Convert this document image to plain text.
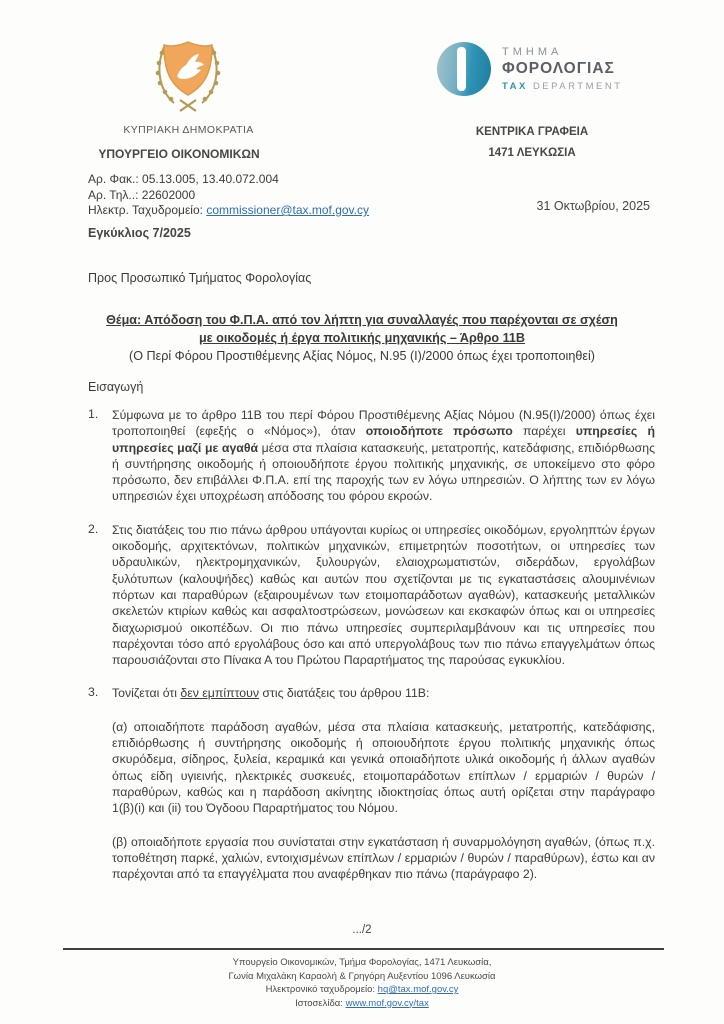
ΚΥΠΡΙΑΚΗ ΔΗΜΟΚΡΑΤΙΑ
ΥΠΟΥΡΓΕΙΟ ΟΙΚΟΝΟΜΙΚΩΝ
Αρ. Φακ.: 05.13.005, 13.40.072.004
Αρ. Τηλ..: 22602000
Ηλεκτρ. Ταχυδρομείο: commissioner@tax.mof.gov.cy
ΤΜΗΜΑ
ΦΟΡΟΛΟΓΙΑΣ
TAX DEPARTMENT
ΚΕΝΤΡΙΚΑ ΓΡΑΦΕΙΑ
1471 ΛΕΥΚΩΣΙΑ
31 Οκτωβρίου, 2025
Εγκύκλιος 7/2025
Προς Προσωπικό Τμήματος Φορολογίας
Θέμα: Απόδοση του Φ.Π.Α. από τον λήπτη για συναλλαγές που παρέχονται σε σχέση
με οικοδομές ή έργα πολιτικής μηχανικής – Άρθρο 11Β
(Ο Περί Φόρου Προστιθέμενης Αξίας Νόμος, Ν.95 (Ι)/2000 όπως έχει τροποποιηθεί)
Εισαγωγή
1.	Σύμφωνα με το άρθρο 11Β του περί Φόρου Προστιθέμενης Αξίας Νόμου (Ν.95(Ι)/2000) όπως έχει τροποποιηθεί (εφεξής ο «Νόμος»), όταν οποιοδήποτε πρόσωπο παρέχει υπηρεσίες ή υπηρεσίες μαζί με αγαθά μέσα στα πλαίσια κατασκευής, μετατροπής, κατεδάφισης, επιδιόρθωσης ή συντήρησης οικοδομής ή οποιουδήποτε έργου πολιτικής μηχανικής, σε υποκείμενο στο φόρο πρόσωπο, δεν επιβάλλει Φ.Π.Α. επί της παροχής των εν λόγω υπηρεσιών. Ο λήπτης των εν λόγω υπηρεσιών έχει υποχρέωση απόδοσης του φόρου εκροών.
2.	Στις διατάξεις του πιο πάνω άρθρου υπάγονται κυρίως οι υπηρεσίες οικοδόμων, εργοληπτών έργων οικοδομής, αρχιτεκτόνων, πολιτικών μηχανικών, επιμετρητών ποσοτήτων, οι υπηρεσίες των υδραυλικών, ηλεκτρομηχανικών, ξυλουργών, ελαιοχρωματιστών, σιδεράδων, εργολάβων ξυλότυπων (καλουψήδες) καθώς και αυτών που σχετίζονται με τις εγκαταστάσεις αλουμινένιων πόρτων και παραθύρων (εξαιρουμένων των ετοιμοπαράδοτων αγαθών), κατασκευής μεταλλικών σκελετών κτιρίων καθώς και ασφαλτοστρώσεων, μονώσεων και εκσκαφών όπως και οι υπηρεσίες διαχωρισμού οικοπέδων. Οι πιο πάνω υπηρεσίες συμπεριλαμβάνουν και τις υπηρεσίες που παρέχονται τόσο από εργολάβους όσο και από υπεργολάβους των πιο πάνω επαγγελμάτων όπως παρουσιάζονται στο Πίνακα Α του Πρώτου Παραρτήματος της παρούσας εγκυκλίου.
3.	Τονίζεται ότι δεν εμπίπτουν στις διατάξεις του άρθρου 11Β:
(α) οποιαδήποτε παράδοση αγαθών, μέσα στα πλαίσια κατασκευής, μετατροπής, κατεδάφισης, επιδιόρθωσης ή συντήρησης οικοδομής ή οποιουδήποτε έργου πολιτικής μηχανικής όπως σκυρόδεμα, σίδηρος, ξυλεία, κεραμικά και γενικά οποιαδήποτε υλικά οικοδομής ή άλλων αγαθών όπως είδη υγιεινής, ηλεκτρικές συσκευές, ετοιμοπαράδοτων επίπλων / ερμαριών / θυρών / παραθύρων, καθώς και η παράδοση ακίνητης ιδιοκτησίας όπως αυτή ορίζεται στην παράγραφο 1(β)(i) και (ii) του Όγδοου Παραρτήματος του Νόμου.
(β) οποιαδήποτε εργασία που συνίσταται στην εγκατάσταση ή συναρμολόγηση αγαθών, (όπως π.χ. τοποθέτηση παρκέ, χαλιών, εντοιχισμένων επίπλων / ερμαριών / θυρών / παραθύρων), έστω και αν παρέχονται από τα επαγγέλματα που αναφέρθηκαν πιο πάνω (παράγραφο 2).
.../2
Υπουργείο Οικονομικών, Τμήμα Φορολογίας, 1471 Λευκωσία,
Γωνία Μιχαλάκη Καραολή & Γρηγόρη Αυξεντίου 1096 Λευκωσία
Ηλεκτρονικό ταχυδρομείο: hq@tax.mof.gov.cy
Ιστοσελίδα: www.mof.gov.cy/tax
